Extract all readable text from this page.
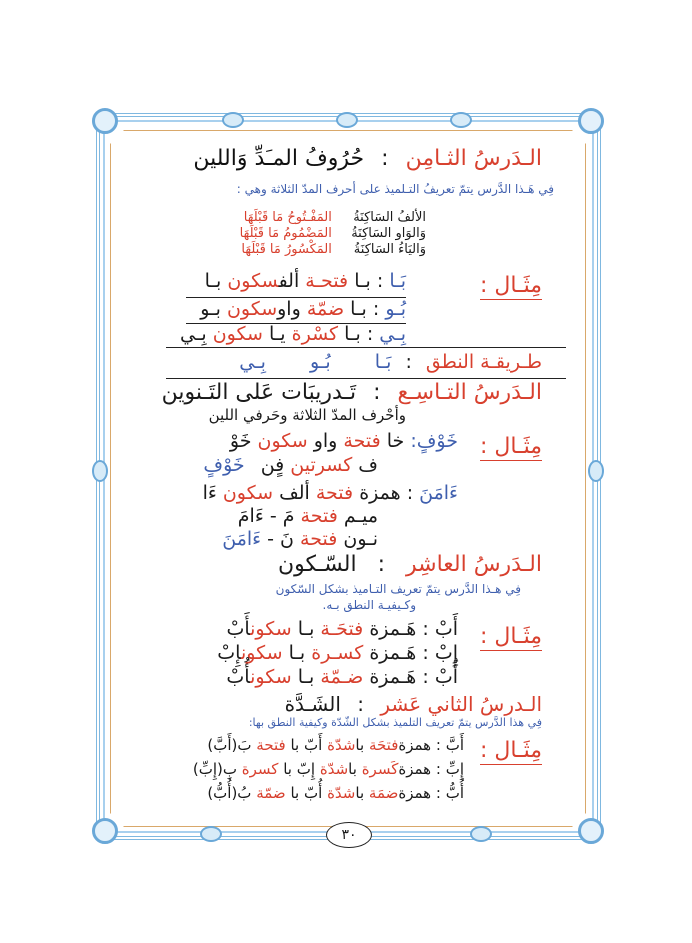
الـدَرسُ الثـامِن : حُرُوفُ المـَدِّ وَاللين
فِي هَـذا الدَّرس يتمّ تعريفُ التـلميذ على أحرف المدّ الثلاثة وهي :
الألفُ السَاكِنَةُ المَفْـتُوحُ مَا قَبْلَهَا
وَالوَاو السَاكِنَةُ المَضْمُومُ مَا قَبْلَهَا
وَاليَاءُ السَاكِنَةُ المَكْسُورُ مَا قَبْلَهَا
مِثَـال :
بَـا : بـا فتحـة ألفسكون بـا
بُـو : بـا ضمّة واوسكون بـو
بِـي : بـا كسْرة يـا سكون بِـي
طـريقـة النطق : بَـا بُـو بِـي
الـدَرسُ التـاسِـع : تَـدريبَات عَلى التَـنوين
وأحْرف المدّ الثلاثة وحَرفي اللين
مِثَـال :
خَوْفٍ: خا فتحة واو سكون خَوْ
ف كسرتين فٍن خَوْفٍ
ءَامَنَ : همزة فتحة ألف سكون ءَا
ميـم فتحة مَ - ءَامَ
نـون فتحة نَ - ءَامَنَ
الـدَرسُ العاشِر : السّـكون
فِي هـذا الدَّرس يتمّ تعريف التـاميذ بشكل السّكون
وكـيفيـة النطق بـه.
مِثَـال :
أَبْ : هَـمزة فتحَـة بـا سكونأَبْ
إِبْ : هَـمزة كسـرة بـا سكونإِبْ
أُبْ : هَـمزة ضـمّة بـا سكونأُبْ
الـدرسُ الثاني عَشر : الشَـدَّة
فِي هذا الدَّرس يتمّ تعريف التلميذ بشكل الشّدّة وكيفية النطق بها:
مِثَـال :
أَبَّ : همزةفتحَة باشدّة أَبّ با فتحة بَ(أَبَّ)
إِبِّ : همزةكَسرة باشدّة إِبّ با كسرة بِ(إِبِّ)
أُبُّ : همزةضمَة باشدّة أُبّ با ضمّة بُ(أُبُّ)
٣٠
